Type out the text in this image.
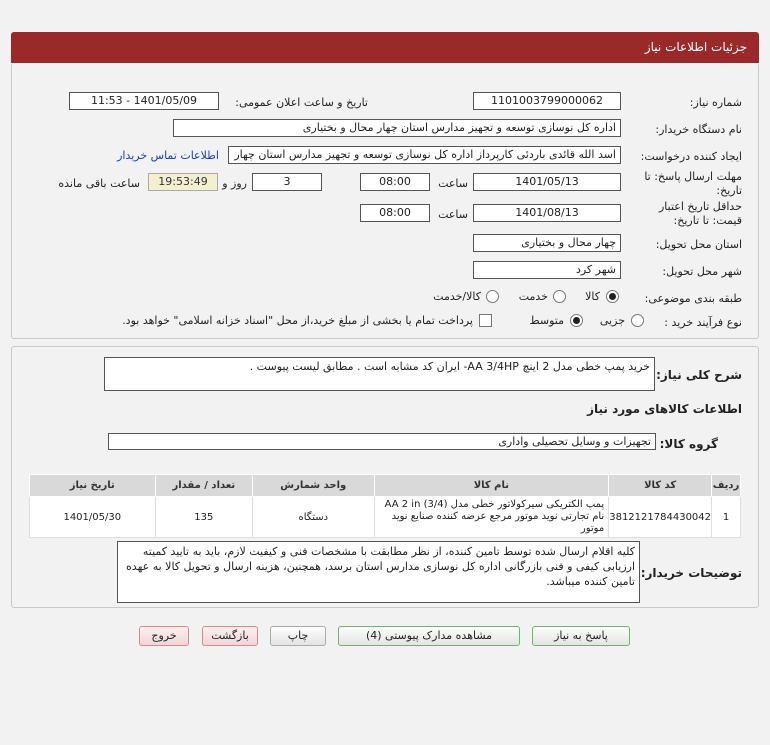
جزئیات اطلاعات نیاز
شماره نیاز:
1101003799000062
تاریخ و ساعت اعلان عمومی:
1401/05/09 - 11:53
نام دستگاه خریدار:
اداره کل نوسازی توسعه و تجهیز مدارس استان چهار محال و بختیاری
ایجاد کننده درخواست:
اسد الله قائدی باردئی کارپرداز اداره کل نوسازی توسعه و تجهیز مدارس استان چهار
اطلاعات تماس خریدار
مهلت ارسال پاسخ: تا
تاریخ:
1401/05/13
ساعت
08:00
3
روز و
19:53:49
ساعت باقی مانده
حداقل تاریخ اعتبار
قیمت: تا تاریخ:
1401/08/13
ساعت
08:00
استان محل تحویل:
چهار محال و بختیاری
شهر محل تحویل:
شهر کرد
طبقه بندی موضوعی:
کالا
خدمت
کالا/خدمت
نوع فرآیند خرید :
جزیی
متوسط
پرداخت تمام یا بخشی از مبلغ خرید،از محل "اسناد خزانه اسلامی" خواهد بود.
شرح کلی نیاز:
خرید پمپ خطی مدل 2 اینچ AA 3/4HP- ایران کد مشابه است . مطابق لیست پیوست .
اطلاعات کالاهای مورد نیاز
گروه کالا:
تجهیزات و وسایل تحصیلی واداری
ردیف	کد کالا	نام کالا	واحد شمارش	تعداد / مقدار	تاریخ نیاز
1	3812121784430042	پمپ الکتریکی سیرکولاتور خطی مدل AA 2 in (3/4) نام تجارتی نوید موتور مرجع عرضه کننده صنایع نوید موتور	دستگاه	135	1401/05/30
توضیحات خریدار:
کلیه اقلام ارسال شده توسط تامین کننده، از نظر مطابقت با مشخصات فنی و کیفیت لازم، باید به تایید کمیته ارزیابی کیفی و فنی بازرگانی اداره کل نوسازی مدارس استان برسد، همچنین، هزینه ارسال و تحویل کالا به عهده تامین کننده میباشد.
پاسخ به نیاز
مشاهده مدارک پیوستی (4)
چاپ
بازگشت
خروج
